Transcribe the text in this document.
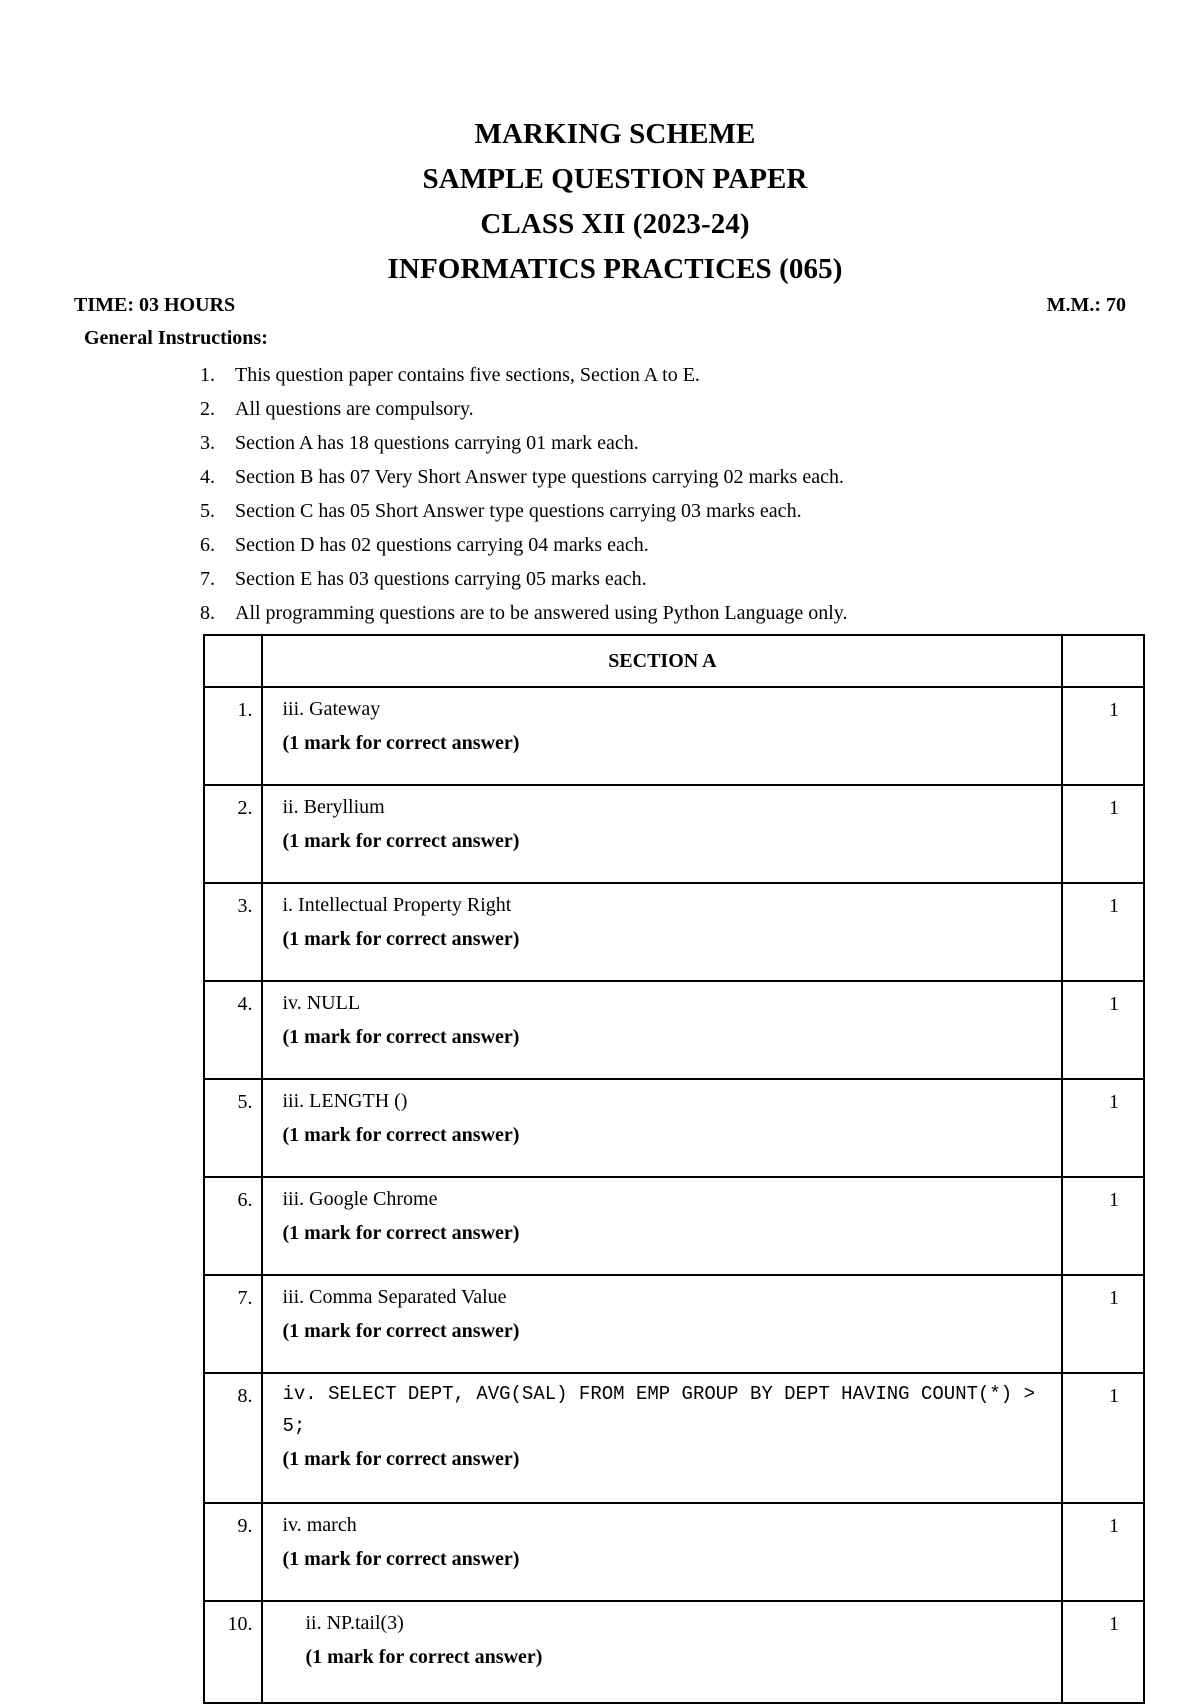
MARKING SCHEME
SAMPLE QUESTION PAPER
CLASS XII (2023-24)
INFORMATICS PRACTICES (065)
TIME: 03 HOURS	M.M.: 70
General Instructions:
1. This question paper contains five sections, Section A to E.
2. All questions are compulsory.
3. Section A has 18 questions carrying 01 mark each.
4. Section B has 07 Very Short Answer type questions carrying 02 marks each.
5. Section C has 05 Short Answer type questions carrying 03 marks each.
6. Section D has 02 questions carrying 04 marks each.
7. Section E has 03 questions carrying 05 marks each.
8. All programming questions are to be answered using Python Language only.
	SECTION A	
1.	iii. Gateway
(1 mark for correct answer)	1
2.	ii. Beryllium
(1 mark for correct answer)	1
3.	i. Intellectual Property Right
(1 mark for correct answer)	1
4.	iv. NULL
(1 mark for correct answer)	1
5.	iii. LENGTH ()
(1 mark for correct answer)	1
6.	iii. Google Chrome
(1 mark for correct answer)	1
7.	iii. Comma Separated Value
(1 mark for correct answer)	1
8.	iv. SELECT DEPT, AVG(SAL) FROM EMP GROUP BY DEPT HAVING COUNT(*) > 5;
(1 mark for correct answer)	1
9.	iv. march
(1 mark for correct answer)	1
10.	ii. NP.tail(3)
(1 mark for correct answer)	1
